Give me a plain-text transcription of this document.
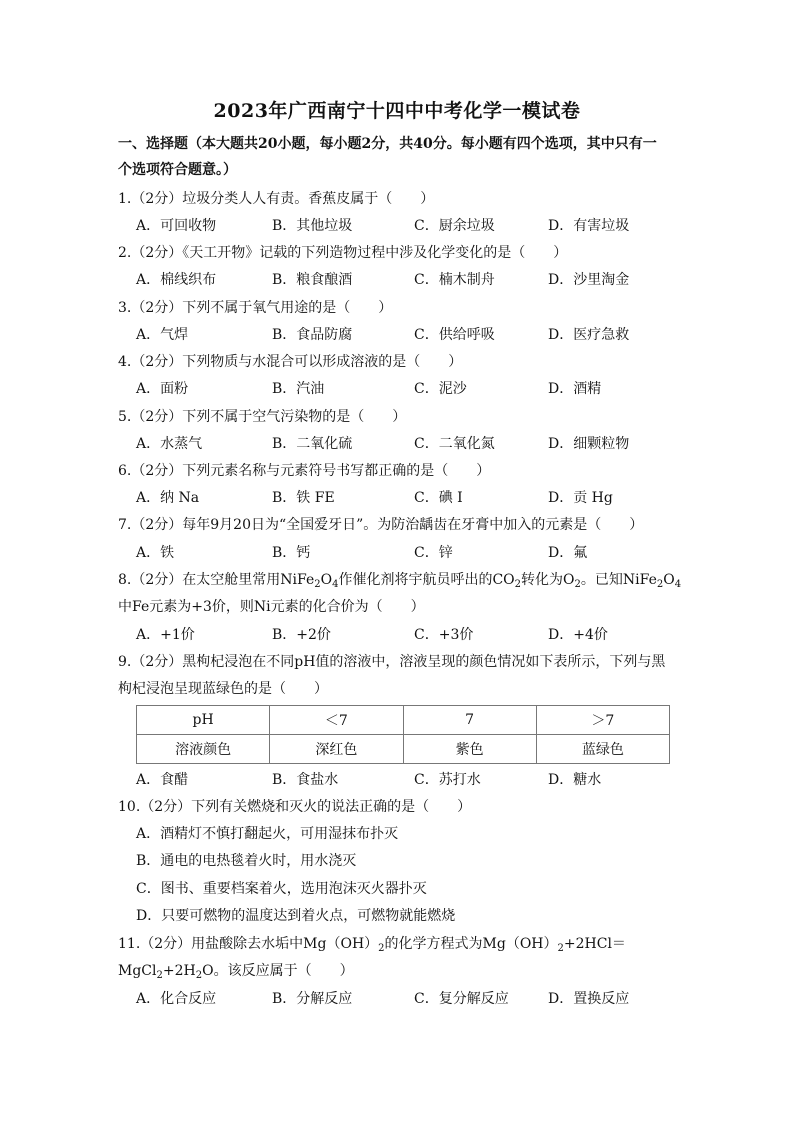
2023年广西南宁十四中中考化学一模试卷
一、选择题（本大题共20小题，每小题2分，共40分。每小题有四个选项，其中只有一
个选项符合题意。）
1.（2分）垃圾分类人人有责。香蕉皮属于（　　）
A．可回收物	B．其他垃圾	C．厨余垃圾	D．有害垃圾
2.（2分）《天工开物》记载的下列造物过程中涉及化学变化的是（　　）
A．棉线织布	B．粮食酿酒	C．楠木制舟	D．沙里淘金
3.（2分）下列不属于氧气用途的是（　　）
A．气焊	B．食品防腐	C．供给呼吸	D．医疗急救
4.（2分）下列物质与水混合可以形成溶液的是（　　）
A．面粉	B．汽油	C．泥沙	D．酒精
5.（2分）下列不属于空气污染物的是（　　）
A．水蒸气	B．二氧化硫	C．二氧化氮	D．细颗粒物
6.（2分）下列元素名称与元素符号书写都正确的是（　　）
A．纳 Na	B．铁 FE	C．碘 I	D．贡 Hg
7.（2分）每年9月20日为“全国爱牙日”。为防治龋齿在牙膏中加入的元素是（　　）
A．铁	B．钙	C．锌	D．氟
8.（2分）在太空舱里常用$NiFe_2O_4$作催化剂将宇航员呼出的$CO_2$转化为$O_2$。已知$NiFe_2O_4$
中Fe元素为+3价，则Ni元素的化合价为（　　）
A．+1价	B．+2价	C．+3价	D．+4价
9.（2分）黑枸杞浸泡在不同pH值的溶液中，溶液呈现的颜色情况如下表所示，下列与黑
枸杞浸泡呈现蓝绿色的是（　　）
pH	＜7	7	＞7
溶液颜色	深红色	紫色	蓝绿色
A．食醋	B．食盐水	C．苏打水	D．糖水
10.（2分）下列有关燃烧和灭火的说法正确的是（　　）
A．酒精灯不慎打翻起火，可用湿抹布扑灭
B．通电的电热毯着火时，用水浇灭
C．图书、重要档案着火，选用泡沫灭火器扑灭
D．只要可燃物的温度达到着火点，可燃物就能燃烧
11.（2分）用盐酸除去水垢中$Mg(OH)_2$的化学方程式为$Mg(OH)_2+2HCl=$
$MgCl_2+2H_2O$。该反应属于（　　）
A．化合反应	B．分解反应	C．复分解反应	D．置换反应
